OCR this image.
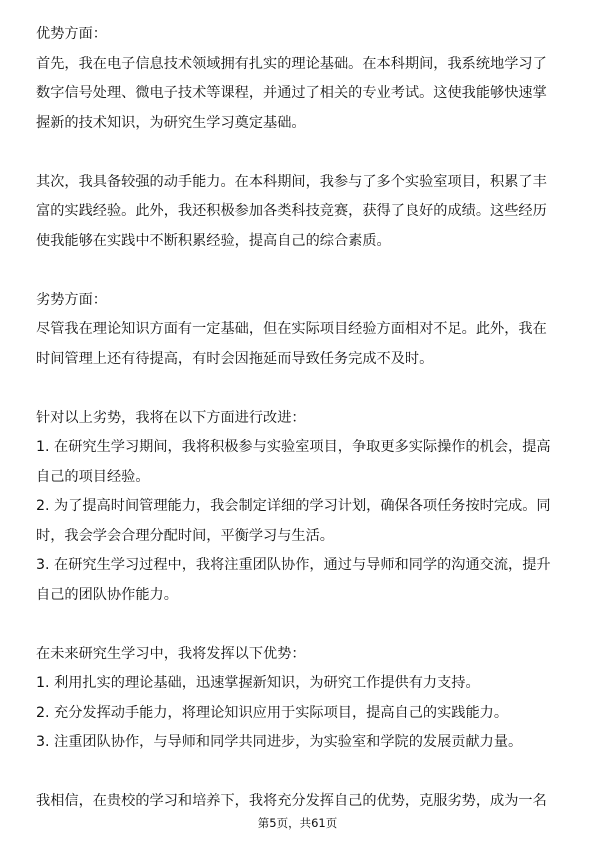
优势方面：
首先，我在电子信息技术领域拥有扎实的理论基础。在本科期间，我系统地学习了
数字信号处理、微电子技术等课程，并通过了相关的专业考试。这使我能够快速掌
握新的技术知识，为研究生学习奠定基础。
其次，我具备较强的动手能力。在本科期间，我参与了多个实验室项目，积累了丰
富的实践经验。此外，我还积极参加各类科技竞赛，获得了良好的成绩。这些经历
使我能够在实践中不断积累经验，提高自己的综合素质。
劣势方面：
尽管我在理论知识方面有一定基础，但在实际项目经验方面相对不足。此外，我在
时间管理上还有待提高，有时会因拖延而导致任务完成不及时。
针对以上劣势，我将在以下方面进行改进：
1. 在研究生学习期间，我将积极参与实验室项目，争取更多实际操作的机会，提高
自己的项目经验。
2. 为了提高时间管理能力，我会制定详细的学习计划，确保各项任务按时完成。同
时，我会学会合理分配时间，平衡学习与生活。
3. 在研究生学习过程中，我将注重团队协作，通过与导师和同学的沟通交流，提升
自己的团队协作能力。
在未来研究生学习中，我将发挥以下优势：
1. 利用扎实的理论基础，迅速掌握新知识，为研究工作提供有力支持。
2. 充分发挥动手能力，将理论知识应用于实际项目，提高自己的实践能力。
3. 注重团队协作，与导师和同学共同进步，为实验室和学院的发展贡献力量。
我相信，在贵校的学习和培养下，我将充分发挥自己的优势，克服劣势，成为一名
第5页，共61页
